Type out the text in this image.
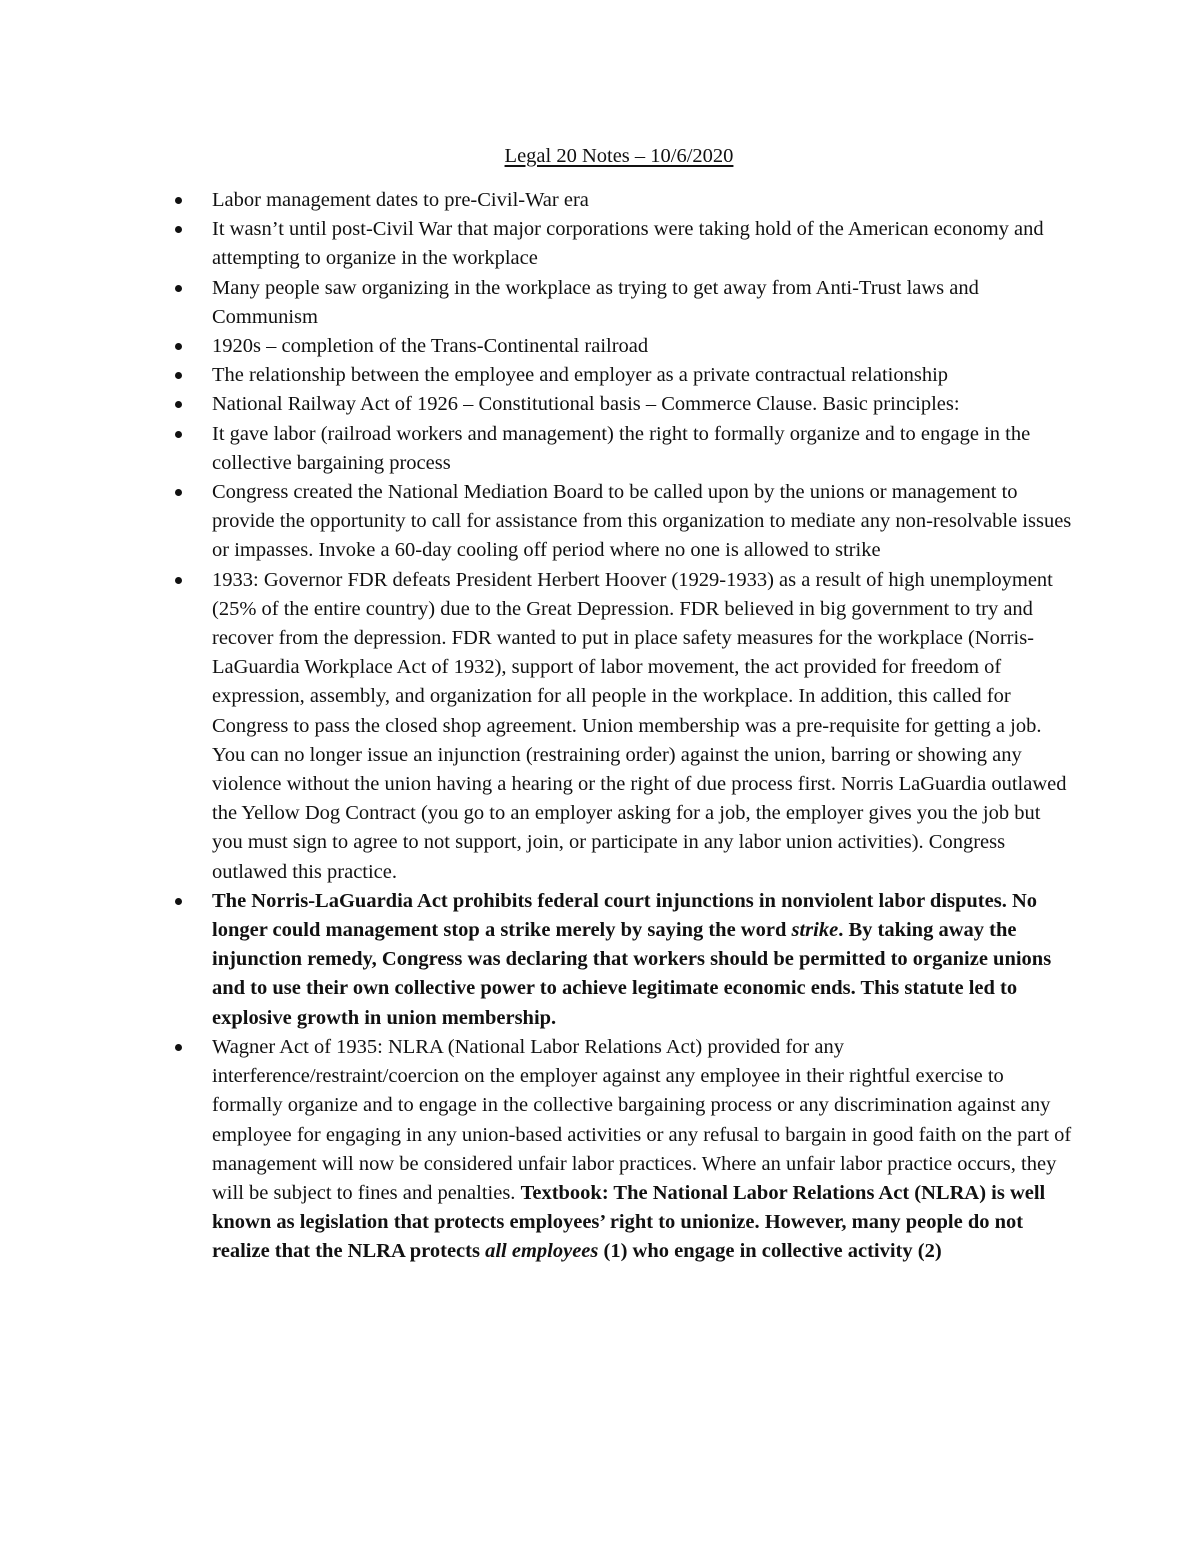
Legal 20 Notes – 10/6/2020
Labor management dates to pre-Civil-War era
It wasn’t until post-Civil War that major corporations were taking hold of the American economy and attempting to organize in the workplace
Many people saw organizing in the workplace as trying to get away from Anti-Trust laws and Communism
1920s – completion of the Trans-Continental railroad
The relationship between the employee and employer as a private contractual relationship
National Railway Act of 1926 – Constitutional basis – Commerce Clause. Basic principles:
It gave labor (railroad workers and management) the right to formally organize and to engage in the collective bargaining process
Congress created the National Mediation Board to be called upon by the unions or management to provide the opportunity to call for assistance from this organization to mediate any non-resolvable issues or impasses. Invoke a 60-day cooling off period where no one is allowed to strike
1933: Governor FDR defeats President Herbert Hoover (1929-1933) as a result of high unemployment (25% of the entire country) due to the Great Depression. FDR believed in big government to try and recover from the depression. FDR wanted to put in place safety measures for the workplace (Norris-LaGuardia Workplace Act of 1932), support of labor movement, the act provided for freedom of expression, assembly, and organization for all people in the workplace. In addition, this called for Congress to pass the closed shop agreement. Union membership was a pre-requisite for getting a job. You can no longer issue an injunction (restraining order) against the union, barring or showing any violence without the union having a hearing or the right of due process first. Norris LaGuardia outlawed the Yellow Dog Contract (you go to an employer asking for a job, the employer gives you the job but you must sign to agree to not support, join, or participate in any labor union activities). Congress outlawed this practice.
The Norris-LaGuardia Act prohibits federal court injunctions in nonviolent labor disputes. No longer could management stop a strike merely by saying the word strike. By taking away the injunction remedy, Congress was declaring that workers should be permitted to organize unions and to use their own collective power to achieve legitimate economic ends. This statute led to explosive growth in union membership.
Wagner Act of 1935: NLRA (National Labor Relations Act) provided for any interference/restraint/coercion on the employer against any employee in their rightful exercise to formally organize and to engage in the collective bargaining process or any discrimination against any employee for engaging in any union-based activities or any refusal to bargain in good faith on the part of management will now be considered unfair labor practices. Where an unfair labor practice occurs, they will be subject to fines and penalties. Textbook: The National Labor Relations Act (NLRA) is well known as legislation that protects employees’ right to unionize. However, many people do not realize that the NLRA protects all employees (1) who engage in collective activity (2)
